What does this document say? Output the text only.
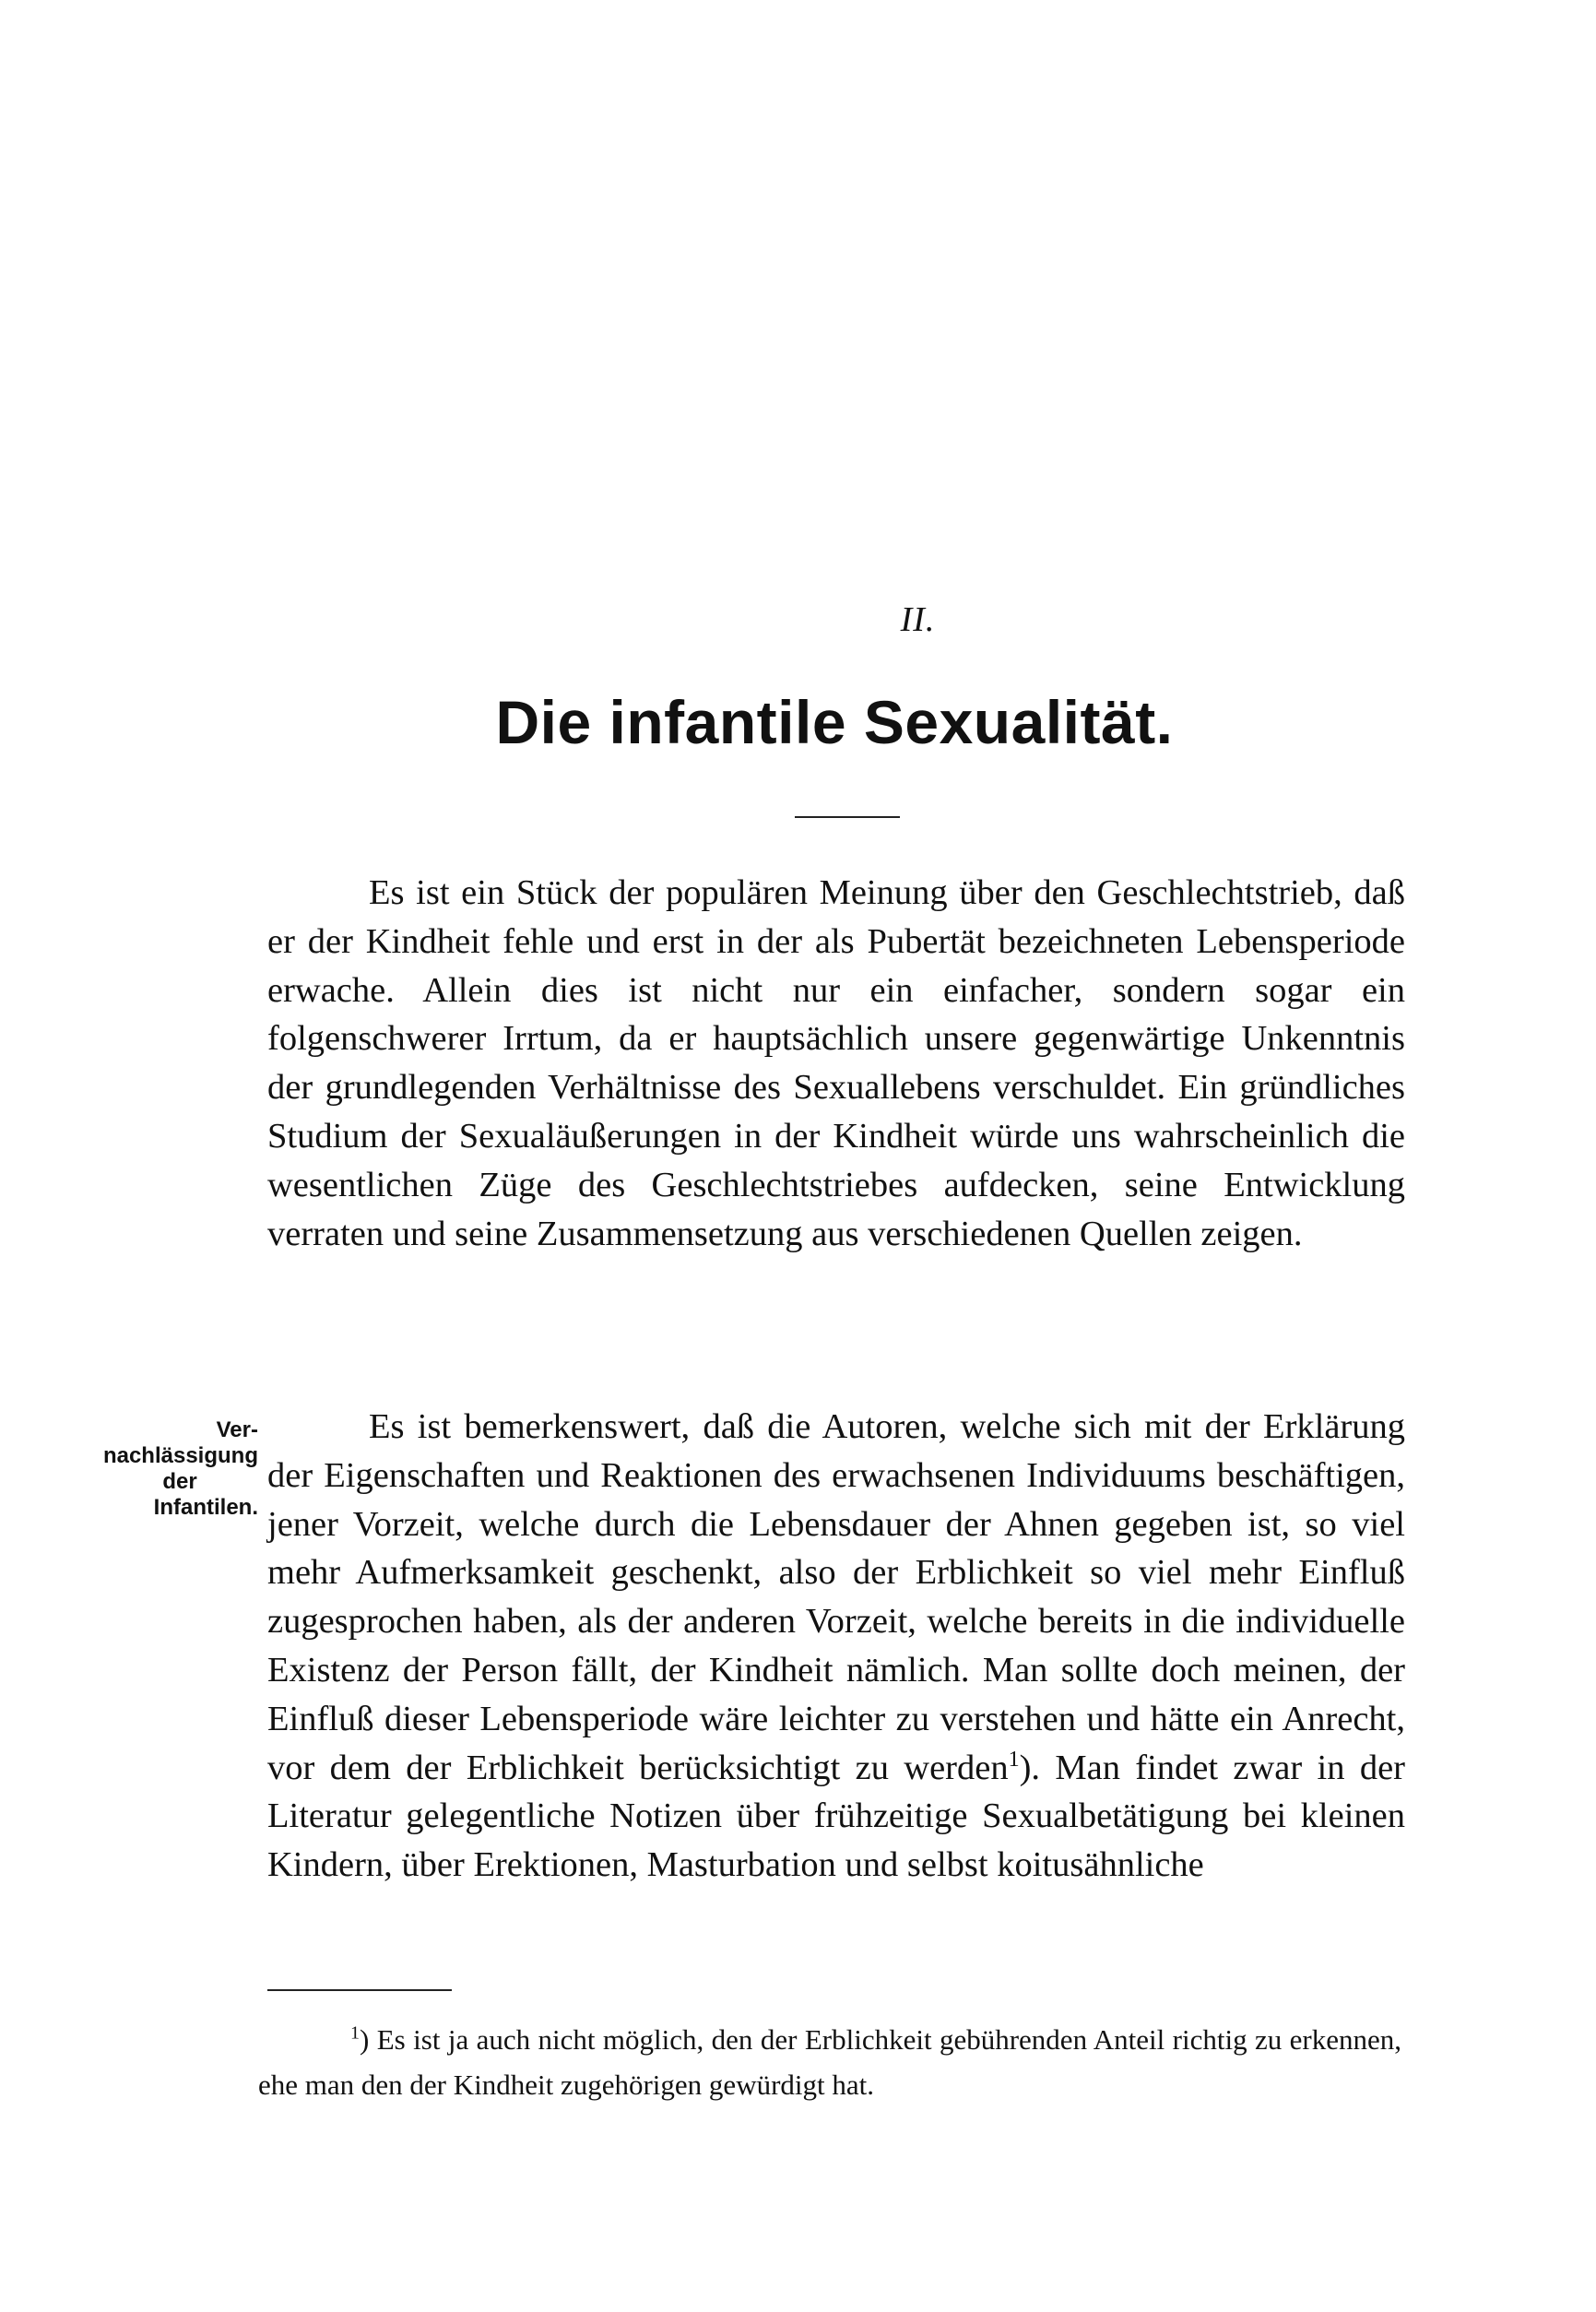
II.
Die infantile Sexualität.

Es ist ein Stück der populären Meinung über den Geschlechtstrieb, daß er der Kindheit fehle und erst in der als Pubertät bezeichneten Lebensperiode erwache. Allein dies ist nicht nur ein einfacher, sondern sogar ein folgenschwerer Irrtum, da er hauptsächlich unsere gegenwärtige Unkenntnis der grundlegenden Verhältnisse des Sexuallebens verschuldet. Ein gründliches Studium der Sexualäußerungen in der Kindheit würde uns wahrscheinlich die wesentlichen Züge des Geschlechtstriebes aufdecken, seine Entwicklung verraten und seine Zusammensetzung aus verschiedenen Quellen zeigen.

Ver-
nachlässigung
der
Infantilen.

Es ist bemerkenswert, daß die Autoren, welche sich mit der Erklärung der Eigenschaften und Reaktionen des erwachsenen Individuums beschäftigen, jener Vorzeit, welche durch die Lebensdauer der Ahnen gegeben ist, so viel mehr Aufmerksamkeit geschenkt, also der Erblichkeit so viel mehr Einfluß zugesprochen haben, als der anderen Vorzeit, welche bereits in die individuelle Existenz der Person fällt, der Kindheit nämlich. Man sollte doch meinen, der Einfluß dieser Lebensperiode wäre leichter zu verstehen und hätte ein Anrecht, vor dem der Erblichkeit berücksichtigt zu werden$^1$). Man findet zwar in der Literatur gelegentliche Notizen über frühzeitige Sexualbetätigung bei kleinen Kindern, über Erektionen, Masturbation und selbst koitusähnliche

$^1$) Es ist ja auch nicht möglich, den der Erblichkeit gebührenden Anteil richtig zu erkennen, ehe man den der Kindheit zugehörigen gewürdigt hat.
